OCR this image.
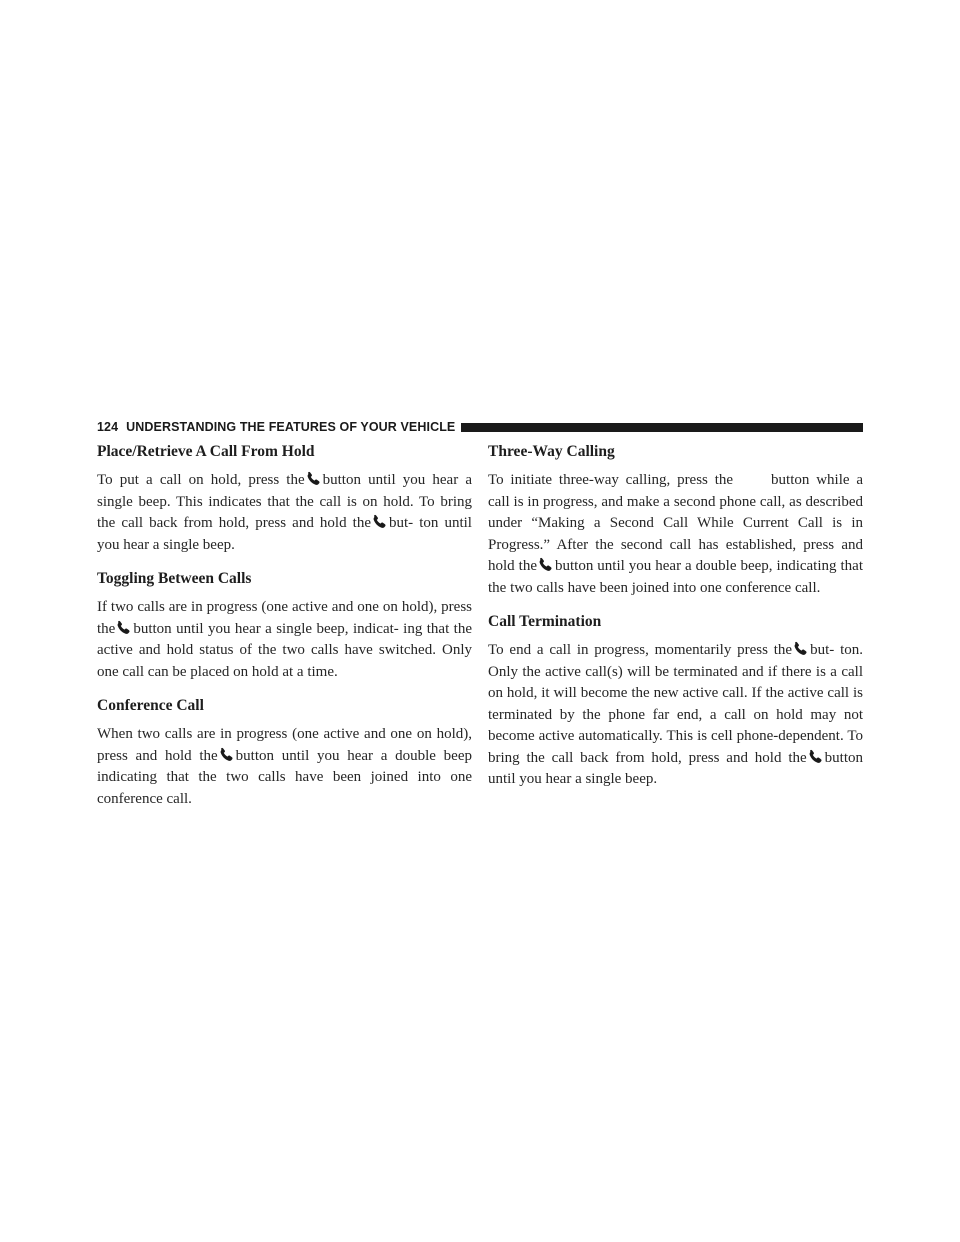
124 UNDERSTANDING THE FEATURES OF YOUR VEHICLE
Place/Retrieve A Call From Hold

To put a call on hold, press the button until you hear a single beep. This indicates that the call is on hold. To bring the call back from hold, press and hold the but- ton until you hear a single beep.

Toggling Between Calls

If two calls are in progress (one active and one on hold), press the button until you hear a single beep, indicat- ing that the active and hold status of the two calls have switched. Only one call can be placed on hold at a time.

Conference Call

When two calls are in progress (one active and one on hold), press and hold the button until you hear a double beep indicating that the two calls have been joined into one conference call.

Three-Way Calling

To initiate three-way calling, press the	button while a call is in progress, and make a second phone call, as described under “Making a Second Call While Current Call is in Progress.” After the second call has established, press and hold the button until you hear a double beep, indicating that the two calls have been joined into one conference call.

Call Termination

To end a call in progress, momentarily press the but- ton. Only the active call(s) will be terminated and if there is a call on hold, it will become the new active call. If the active call is terminated by the phone far end, a call on hold may not become active automatically. This is cell phone-dependent. To bring the call back from hold, press and hold the button until you hear a single beep.
